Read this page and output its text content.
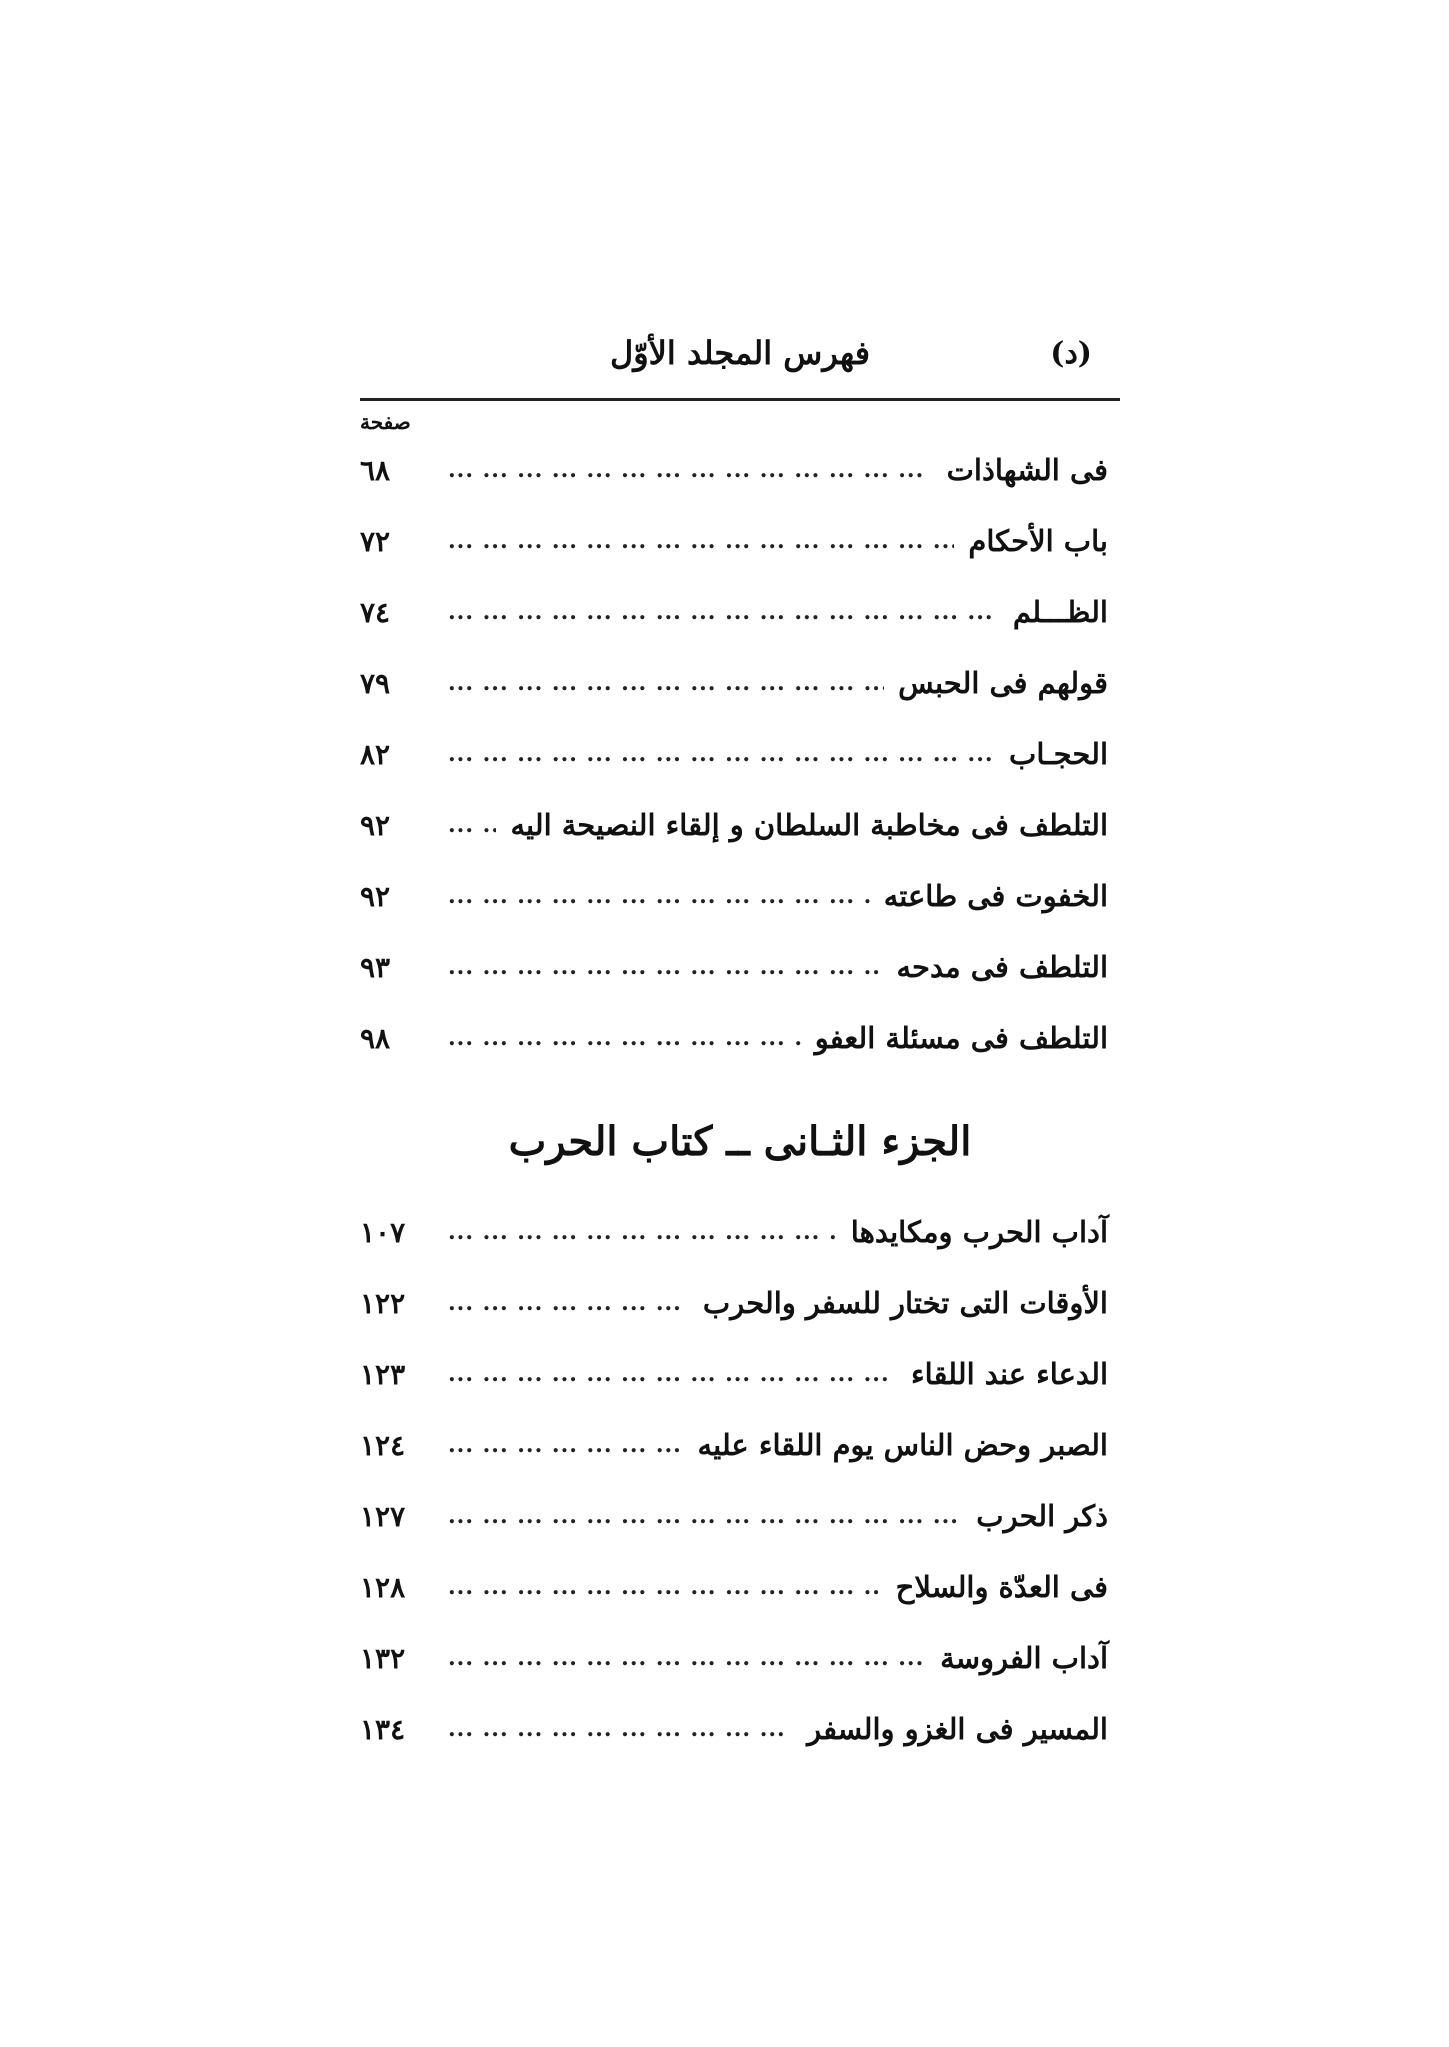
(د)
فهرس المجلد الأوّل
صفحة
فى الشهاذات
...
٦٨
باب الأحكام
...
٧٢
الظـــلم
...
٧٤
قولهم فى الحبس
...
٧٩
الحجـاب
...
٨٢
التلطف فى مخاطبة السلطان و إلقاء النصيحة اليه
...
٩٢
الخفوت فى طاعته
...
٩٢
التلطف فى مدحه
...
٩٣
التلطف فى مسئلة العفو
...
٩٨
الجزء الثـانى ــ كتاب الحرب
آداب الحرب ومكايدها
...
١٠٧
الأوقات التى تختار للسفر والحرب
...
١٢٢
الدعاء عند اللقاء
...
١٢٣
الصبر وحض الناس يوم اللقاء عليه
...
١٢٤
ذكر الحرب
...
١٢٧
فى العدّة والسلاح
...
١٢٨
آداب الفروسة
...
١٣٢
المسير فى الغزو والسفر
...
١٣٤
